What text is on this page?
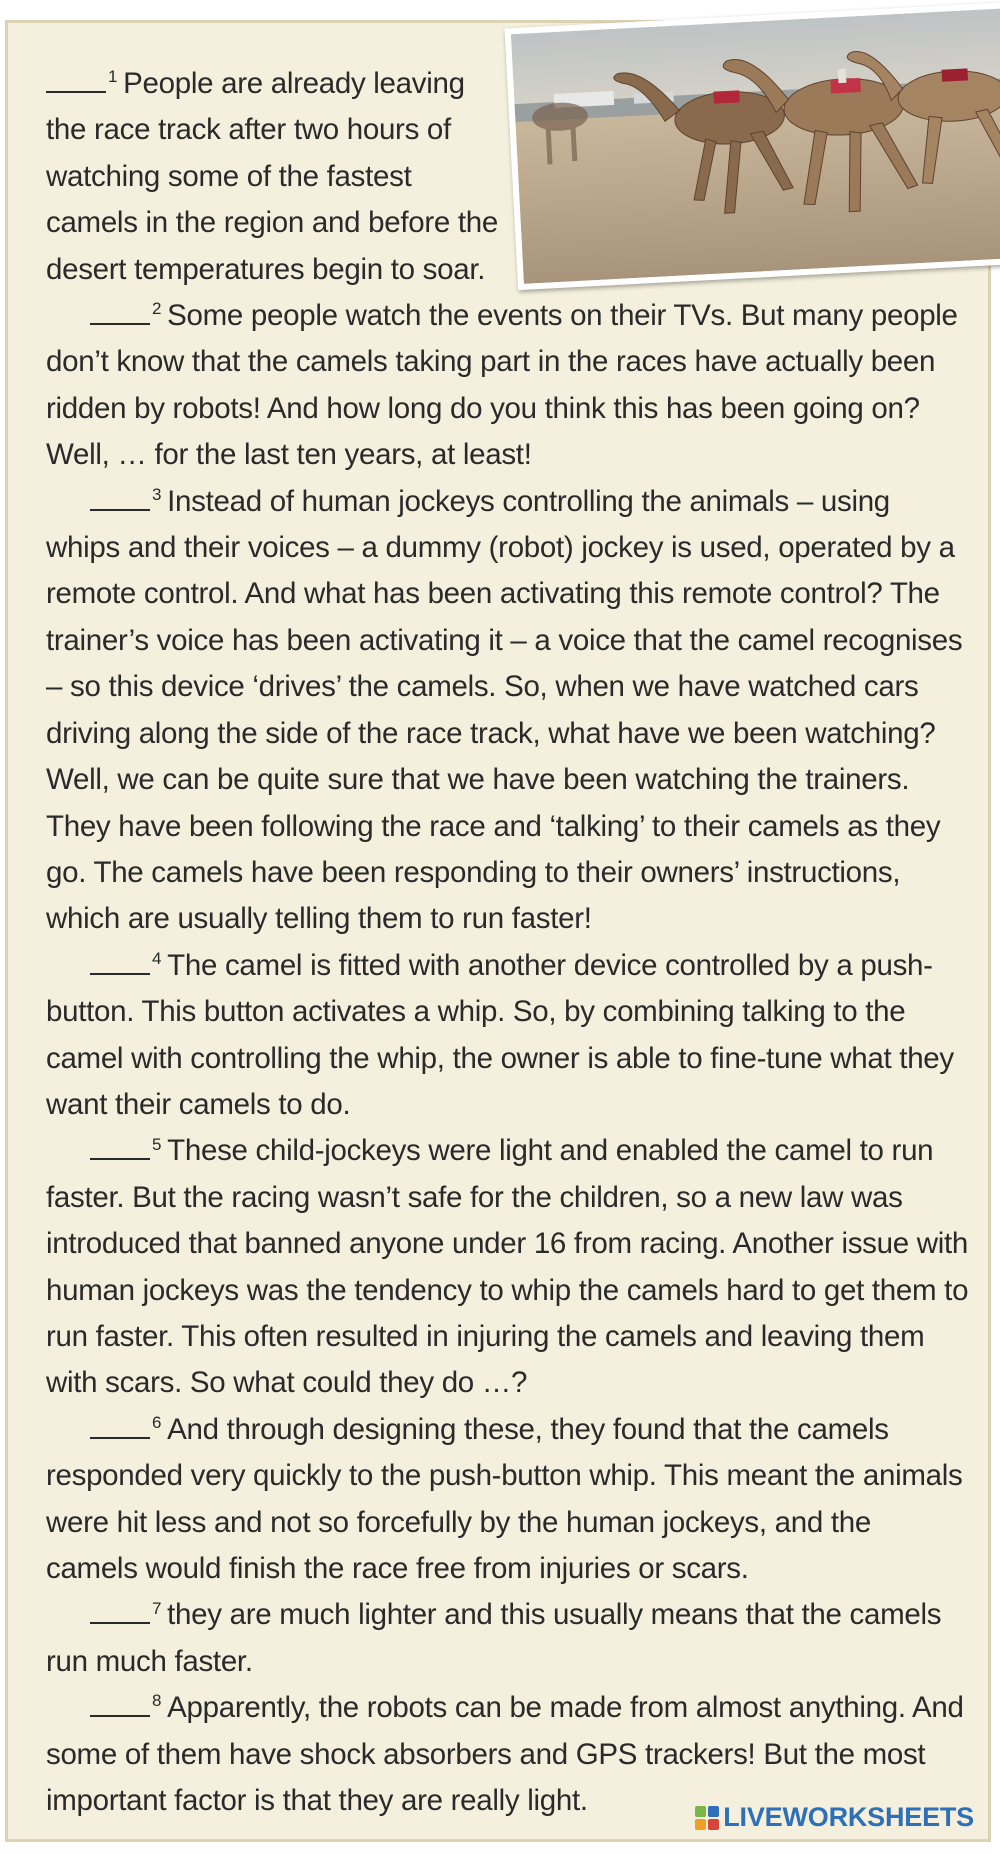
$^1$ People are already leaving the race track after two hours of watching some of the fastest camels in the region and before the desert temperatures begin to soar.

$^2$ Some people watch the events on their TVs. But many people don’t know that the camels taking part in the races have actually been ridden by robots! And how long do you think this has been going on? Well, … for the last ten years, at least!

$^3$ Instead of human jockeys controlling the animals – using whips and their voices – a dummy (robot) jockey is used, operated by a remote control. And what has been activating this remote control? The trainer’s voice has been activating it – a voice that the camel recognises – so this device ‘drives’ the camels. So, when we have watched cars driving along the side of the race track, what have we been watching? Well, we can be quite sure that we have been watching the trainers. They have been following the race and ‘talking’ to their camels as they go. The camels have been responding to their owners’ instructions, which are usually telling them to run faster!

$^4$ The camel is fitted with another device controlled by a push-button. This button activates a whip. So, by combining talking to the camel with controlling the whip, the owner is able to fine-tune what they want their camels to do.

$^5$ These child-jockeys were light and enabled the camel to run faster. But the racing wasn’t safe for the children, so a new law was introduced that banned anyone under 16 from racing. Another issue with human jockeys was the tendency to whip the camels hard to get them to run faster. This often resulted in injuring the camels and leaving them with scars. So what could they do …?

$^6$ And through designing these, they found that the camels responded very quickly to the push-button whip. This meant the animals were hit less and not so forcefully by the human jockeys, and the camels would finish the race free from injuries or scars.

$^7$ they are much lighter and this usually means that the camels run much faster.

$^8$ Apparently, the robots can be made from almost anything. And some of them have shock absorbers and GPS trackers! But the most important factor is that they are really light.	LIVEWORKSHEETS
